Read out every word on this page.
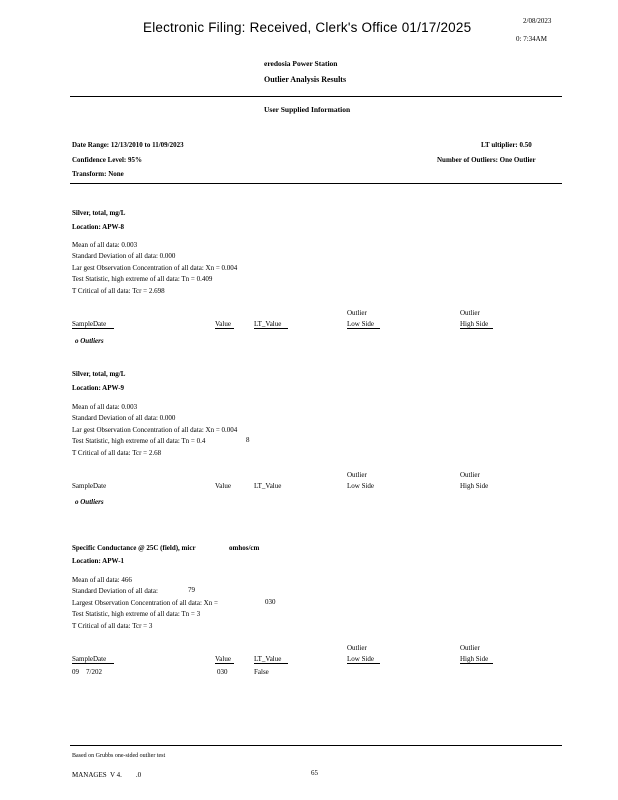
Electronic Filing: Received, Clerk's Office 01/17/2025	2/08/2023
0: 7:34AM
eredosia Power Station
Outlier Analysis Results
User Supplied Information
Date Range: 12/13/2010 to 11/09/2023
Confidence Level: 95%
Transform: None
LT ultiplier: 0.50
Number of Outliers: One Outlier
Silver, total, mg/L
Location: APW-8
Mean of all data: 0.003
Standard Deviation of all data: 0.000
Lar gest Observation Concentration of all data: Xn = 0.004
Test Statistic, high extreme of all data: Tn = 0.409
T Critical of all data: Tcr = 2.698
Outlier	Outlier
SampleDate	Value	LT_Value	Low Side	High Side
o Outliers
Silver, total, mg/L
Location: APW-9
Mean of all data: 0.003
Standard Deviation of all data: 0.000
Lar gest Observation Concentration of all data: Xn = 0.004
Test Statistic, high extreme of all data: Tn = 0.4
T Critical of all data: Tcr = 2.68
8
Outlier	Outlier
SampleDate	Value	LT_Value	Low Side	High Side
o Outliers
Specific Conductance @ 25C (field), micr	omhos/cm
Location: APW-1
Mean of all data: 466
Standard Deviation of all data:
Largest Observation Concentration of all data: Xn =
Test Statistic, high extreme of all data: Tn = 3
T Critical of all data: Tcr = 3
79
030
Outlier	Outlier
SampleDate	Value	LT_Value	Low Side	High Side
09    7/202	030	False
Based on Grubbs one-sided outlier test
MANAGES  V 4.        .0	65
